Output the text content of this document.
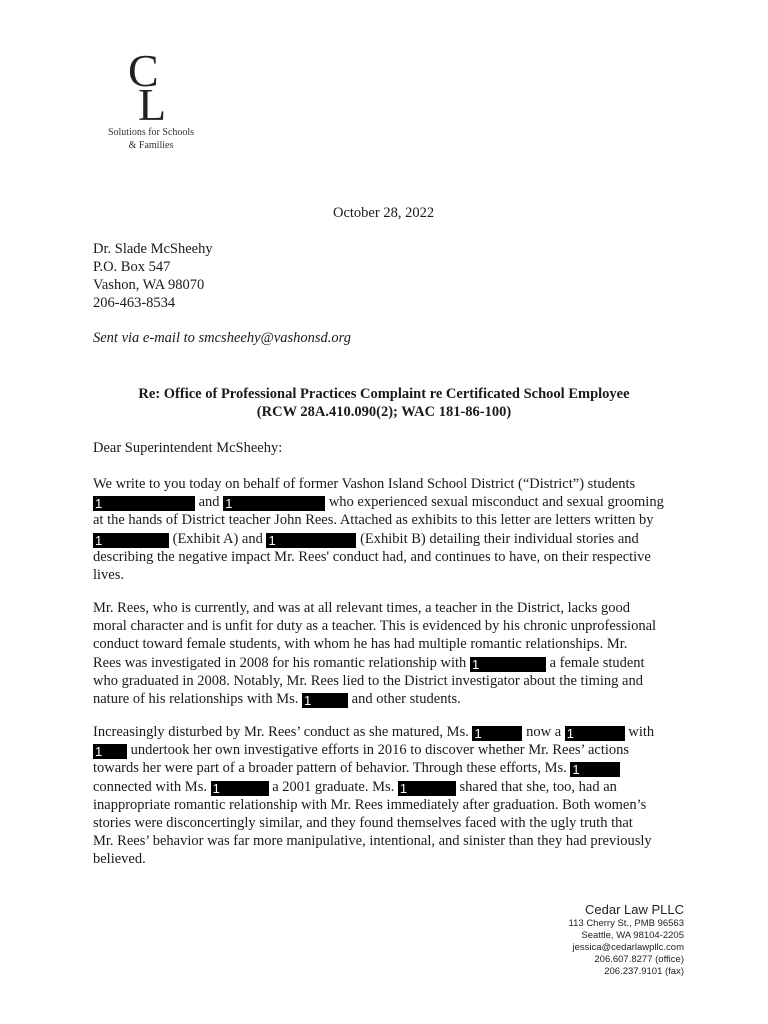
C
L
Solutions for Schools
& Families
October 28, 2022
Dr. Slade McSheehy
P.O. Box 547
Vashon, WA 98070
206-463-8534
Sent via e-mail to smcsheehy@vashonsd.org
Re: Office of Professional Practices Complaint re Certificated School Employee
(RCW 28A.410.090(2); WAC 181-86-100)
Dear Superintendent McSheehy:
We write to you today on behalf of former Vashon Island School District (“District”) students
1	and 1	who experienced sexual misconduct and sexual grooming
at the hands of District teacher John Rees. Attached as exhibits to this letter are letters written by
1	(Exhibit A) and 1	(Exhibit B) detailing their individual stories and
describing the negative impact Mr. Rees' conduct had, and continues to have, on their respective
lives.
Mr. Rees, who is currently, and was at all relevant times, a teacher in the District, lacks good
moral character and is unfit for duty as a teacher. This is evidenced by his chronic unprofessional
conduct toward female students, with whom he has had multiple romantic relationships. Mr.
Rees was investigated in 2008 for his romantic relationship with 1	a female student
who graduated in 2008. Notably, Mr. Rees lied to the District investigator about the timing and
nature of his relationships with Ms. 1	and other students.
Increasingly disturbed by Mr. Rees’ conduct as she matured, Ms. 1	now a 1	with
1 undertook her own investigative efforts in 2016 to discover whether Mr. Rees’ actions
towards her were part of a broader pattern of behavior. Through these efforts, Ms. 1
connected with Ms. 1	a 2001 graduate. Ms. 1	shared that she, too, had an
inappropriate romantic relationship with Mr. Rees immediately after graduation. Both women’s
stories were disconcertingly similar, and they found themselves faced with the ugly truth that
Mr. Rees’ behavior was far more manipulative, intentional, and sinister than they had previously
believed.
Cedar Law PLLC
113 Cherry St., PMB 96563
Seattle, WA 98104-2205
jessica@cedarlawpllc.com
206.607.8277 (office)
206.237.9101 (fax)
